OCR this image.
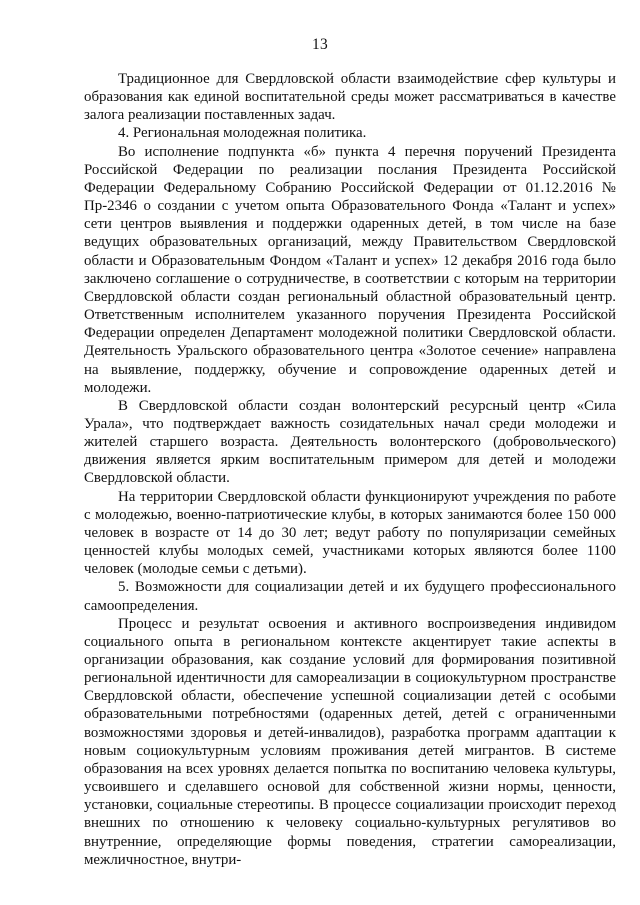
13

Традиционное для Свердловской области взаимодействие сфер культуры и образования как единой воспитательной среды может рассматриваться в качестве залога реализации поставленных задач.

4. Региональная молодежная политика.

Во исполнение подпункта «б» пункта 4 перечня поручений Президента Российской Федерации по реализации послания Президента Российской Федерации Федеральному Собранию Российской Федерации от 01.12.2016 № Пр-2346 о создании с учетом опыта Образовательного Фонда «Талант и успех» сети центров выявления и поддержки одаренных детей, в том числе на базе ведущих образовательных организаций, между Правительством Свердловской области и Образовательным Фондом «Талант и успех» 12 декабря 2016 года было заключено соглашение о сотрудничестве, в соответствии с которым на территории Свердловской области создан региональный областной образовательный центр. Ответственным исполнителем указанного поручения Президента Российской Федерации определен Департамент молодежной политики Свердловской области. Деятельность Уральского образовательного центра «Золотое сечение» направлена на выявление, поддержку, обучение и сопровождение одаренных детей и молодежи.

В Свердловской области создан волонтерский ресурсный центр «Сила Урала», что подтверждает важность созидательных начал среди молодежи и жителей старшего возраста. Деятельность волонтерского (добровольческого) движения является ярким воспитательным примером для детей и молодежи Свердловской области.

На территории Свердловской области функционируют учреждения по работе с молодежью, военно-патриотические клубы, в которых занимаются более 150 000 человек в возрасте от 14 до 30 лет; ведут работу по популяризации семейных ценностей клубы молодых семей, участниками которых являются более 1100 человек (молодые семьи с детьми).

5. Возможности для социализации детей и их будущего профессионального самоопределения.

Процесс и результат освоения и активного воспроизведения индивидом социального опыта в региональном контексте акцентирует такие аспекты в организации образования, как создание условий для формирования позитивной региональной идентичности для самореализации в социокультурном пространстве Свердловской области, обеспечение успешной социализации детей с особыми образовательными потребностями (одаренных детей, детей с ограниченными возможностями здоровья и детей-инвалидов), разработка программ адаптации к новым социокультурным условиям проживания детей мигрантов. В системе образования на всех уровнях делается попытка по воспитанию человека культуры, усвоившего и сделавшего основой для собственной жизни нормы, ценности, установки, социальные стереотипы. В процессе социализации происходит переход внешних по отношению к человеку социально-культурных регулятивов во внутренние, определяющие формы поведения, стратегии самореализации, межличностное, внутри-
